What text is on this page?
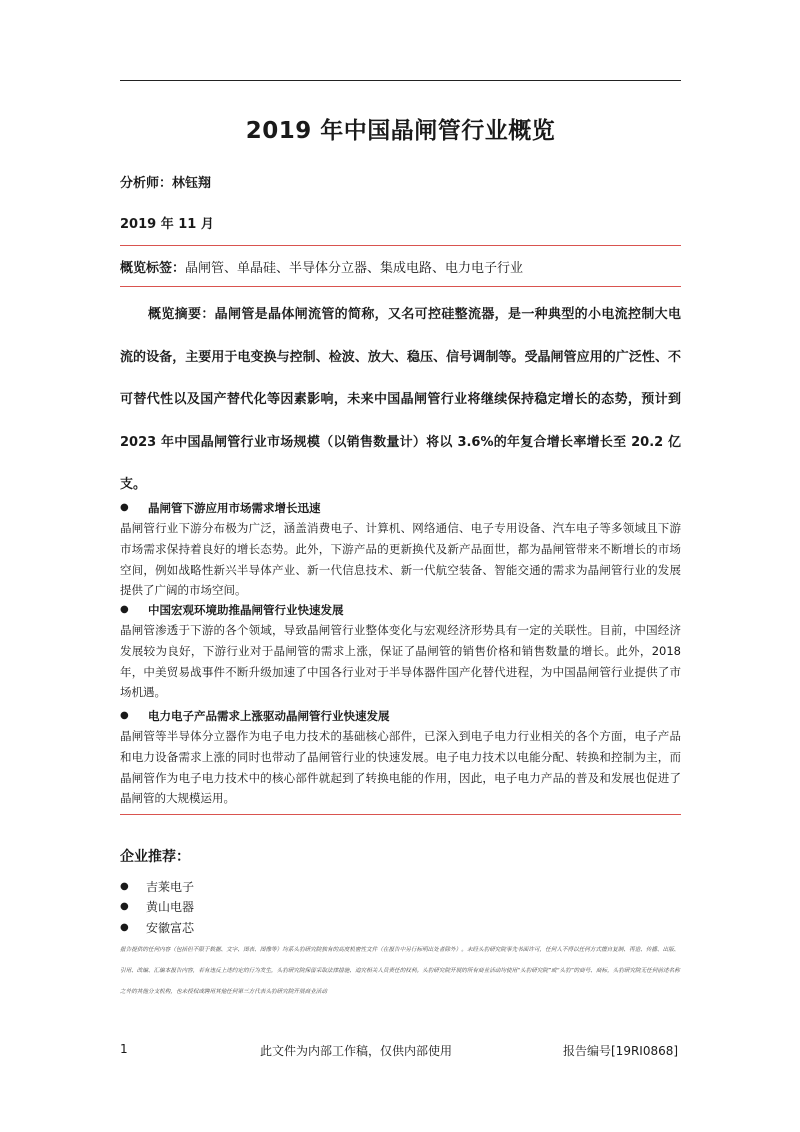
2019 年中国晶闸管行业概览
分析师：林钰翔
2019 年 11 月
概览标签：晶闸管、单晶硅、半导体分立器、集成电路、电力电子行业
概览摘要：晶闸管是晶体闸流管的简称，又名可控硅整流器，是一种典型的小电流控制大电流的设备，主要用于电变换与控制、检波、放大、稳压、信号调制等。受晶闸管应用的广泛性、不可替代性以及国产替代化等因素影响，未来中国晶闸管行业将继续保持稳定增长的态势，预计到 2023 年中国晶闸管行业市场规模（以销售数量计）将以 3.6%的年复合增长率增长至 20.2 亿支。
●	晶闸管下游应用市场需求增长迅速
晶闸管行业下游分布极为广泛，涵盖消费电子、计算机、网络通信、电子专用设备、汽车电子等多领域且下游市场需求保持着良好的增长态势。此外，下游产品的更新换代及新产品面世，都为晶闸管带来不断增长的市场空间，例如战略性新兴半导体产业、新一代信息技术、新一代航空装备、智能交通的需求为晶闸管行业的发展提供了广阔的市场空间。
●	中国宏观环境助推晶闸管行业快速发展
晶闸管渗透于下游的各个领域，导致晶闸管行业整体变化与宏观经济形势具有一定的关联性。目前，中国经济发展较为良好，下游行业对于晶闸管的需求上涨，保证了晶闸管的销售价格和销售数量的增长。此外，2018 年，中美贸易战事件不断升级加速了中国各行业对于半导体器件国产化替代进程，为中国晶闸管行业提供了市场机遇。
●	电力电子产品需求上涨驱动晶闸管行业快速发展
晶闸管等半导体分立器作为电子电力技术的基础核心部件，已深入到电子电力行业相关的各个方面，电子产品和电力设备需求上涨的同时也带动了晶闸管行业的快速发展。电子电力技术以电能分配、转换和控制为主，而晶闸管作为电子电力技术中的核心部件就起到了转换电能的作用，因此，电子电力产品的普及和发展也促进了晶闸管的大规模运用。
企业推荐：
●	吉莱电子
●	黄山电器
●	安徽富芯
报告提供的任何内容（包括但不限于数据、文字、图表、图像等）均系头豹研究院独有的高度机密性文件（在报告中另行标明出处者除外）。未经头豹研究院事先书面许可，任何人不得以任何方式擅自复制、再造、传播、出版、引用、改编、汇编本报告内容，若有违反上述约定的行为发生，头豹研究院保留采取法律措施、追究相关人员责任的权利。头豹研究院开展的所有商业活动均使用“头豹研究院”或“头豹”的商号、商标，头豹研究院无任何前述名称之外的其他分支机构，也未授权或聘用其他任何第三方代表头豹研究院开展商业活动
1	此文件为内部工作稿，仅供内部使用	报告编号[19RI0868]
